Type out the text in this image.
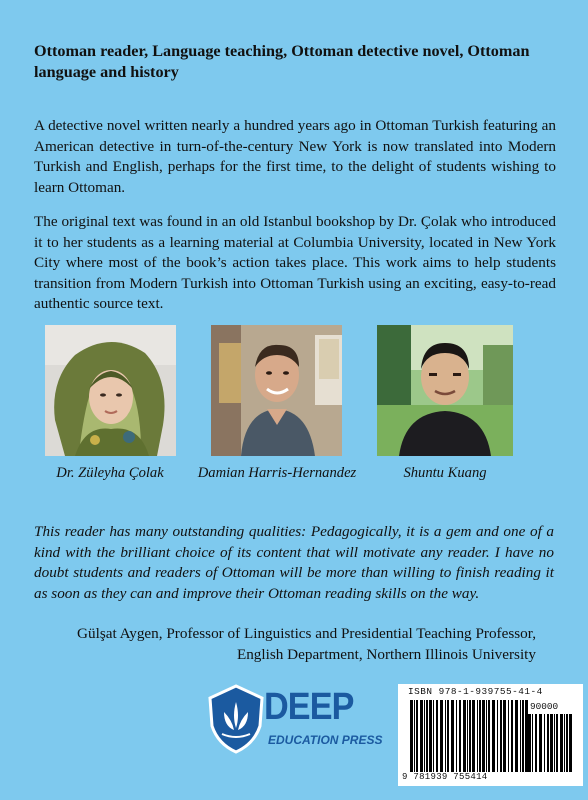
Ottoman reader, Language teaching, Ottoman detective novel, Ottoman language and history
A detective novel written nearly a hundred years ago in Ottoman Turkish featuring an American detective in turn-of-the-century New York is now translated into Modern Turkish and English, perhaps for the first time, to the delight of students wishing to learn Ottoman.
The original text was found in an old Istanbul bookshop by Dr. Çolak who introduced it to her students as a learning material at Columbia University, located in New York City where most of the book’s action takes place. This work aims to help students transition from Modern Turkish into Ottoman Turkish using an exciting, easy-to-read authentic source text.
Dr. Züleyha Çolak	Damian Harris-Hernandez	Shuntu Kuang
This reader has many outstanding qualities: Pedagogically, it is a gem and one of a kind with the brilliant choice of its content that will motivate any reader. I have no doubt students and readers of Ottoman will be more than willing to finish reading it as soon as they can and improve their Ottoman reading skills on the way.
Gülşat Aygen, Professor of Linguistics and Presidential Teaching Professor,
English Department, Northern Illinois University
DEEP
EDUCATION PRESS
ISBN 978-1-939755-41-4
90000
9 781939 755414
